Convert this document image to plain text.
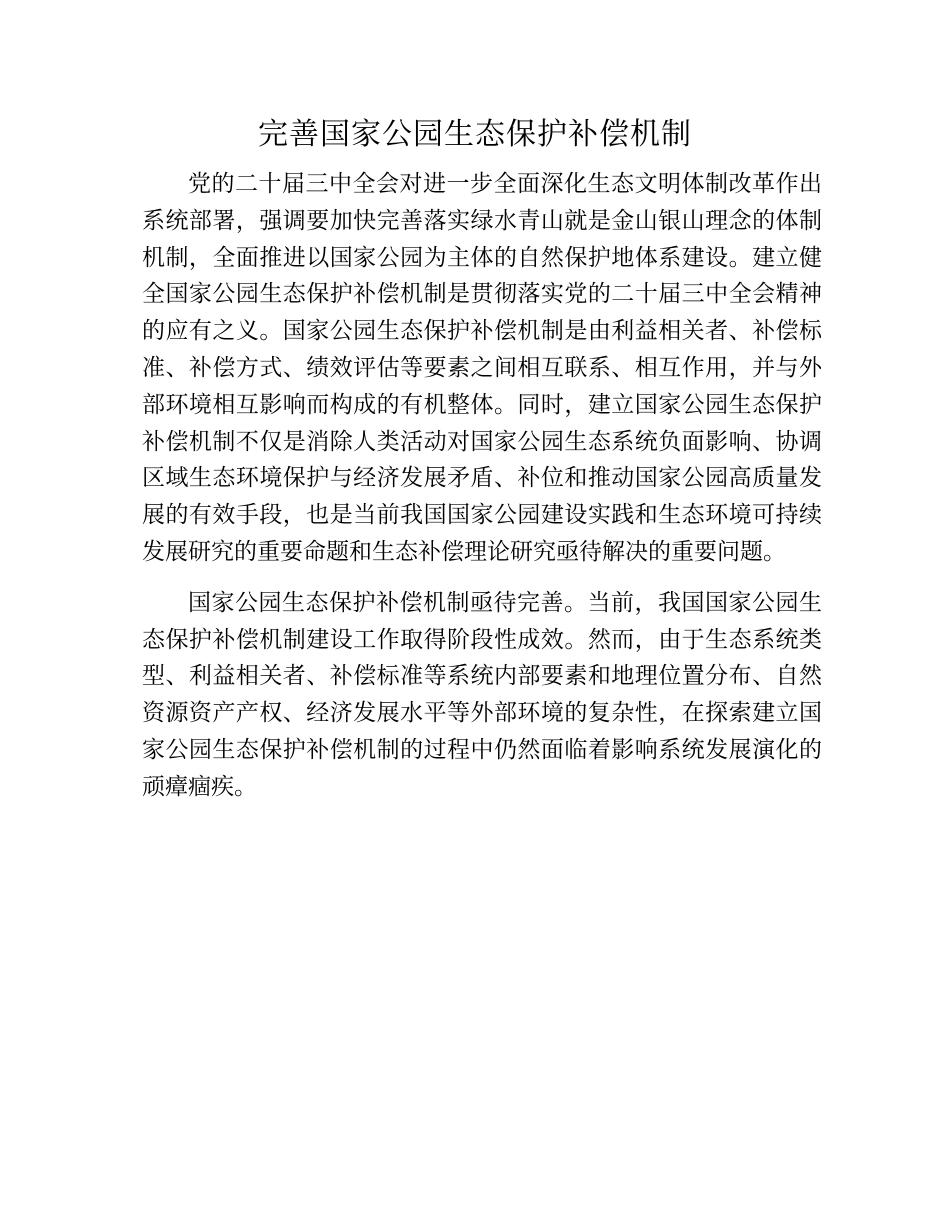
完善国家公园生态保护补偿机制

党的二十届三中全会对进一步全面深化生态文明体制改革作出系统部署，强调要加快完善落实绿水青山就是金山银山理念的体制机制，全面推进以国家公园为主体的自然保护地体系建设。建立健全国家公园生态保护补偿机制是贯彻落实党的二十届三中全会精神的应有之义。国家公园生态保护补偿机制是由利益相关者、补偿标准、补偿方式、绩效评估等要素之间相互联系、相互作用，并与外部环境相互影响而构成的有机整体。同时，建立国家公园生态保护补偿机制不仅是消除人类活动对国家公园生态系统负面影响、协调区域生态环境保护与经济发展矛盾、补位和推动国家公园高质量发展的有效手段，也是当前我国国家公园建设实践和生态环境可持续发展研究的重要命题和生态补偿理论研究亟待解决的重要问题。

国家公园生态保护补偿机制亟待完善。当前，我国国家公园生态保护补偿机制建设工作取得阶段性成效。然而，由于生态系统类型、利益相关者、补偿标准等系统内部要素和地理位置分布、自然资源资产产权、经济发展水平等外部环境的复杂性，在探索建立国家公园生态保护补偿机制的过程中仍然面临着影响系统发展演化的顽瘴痼疾。
